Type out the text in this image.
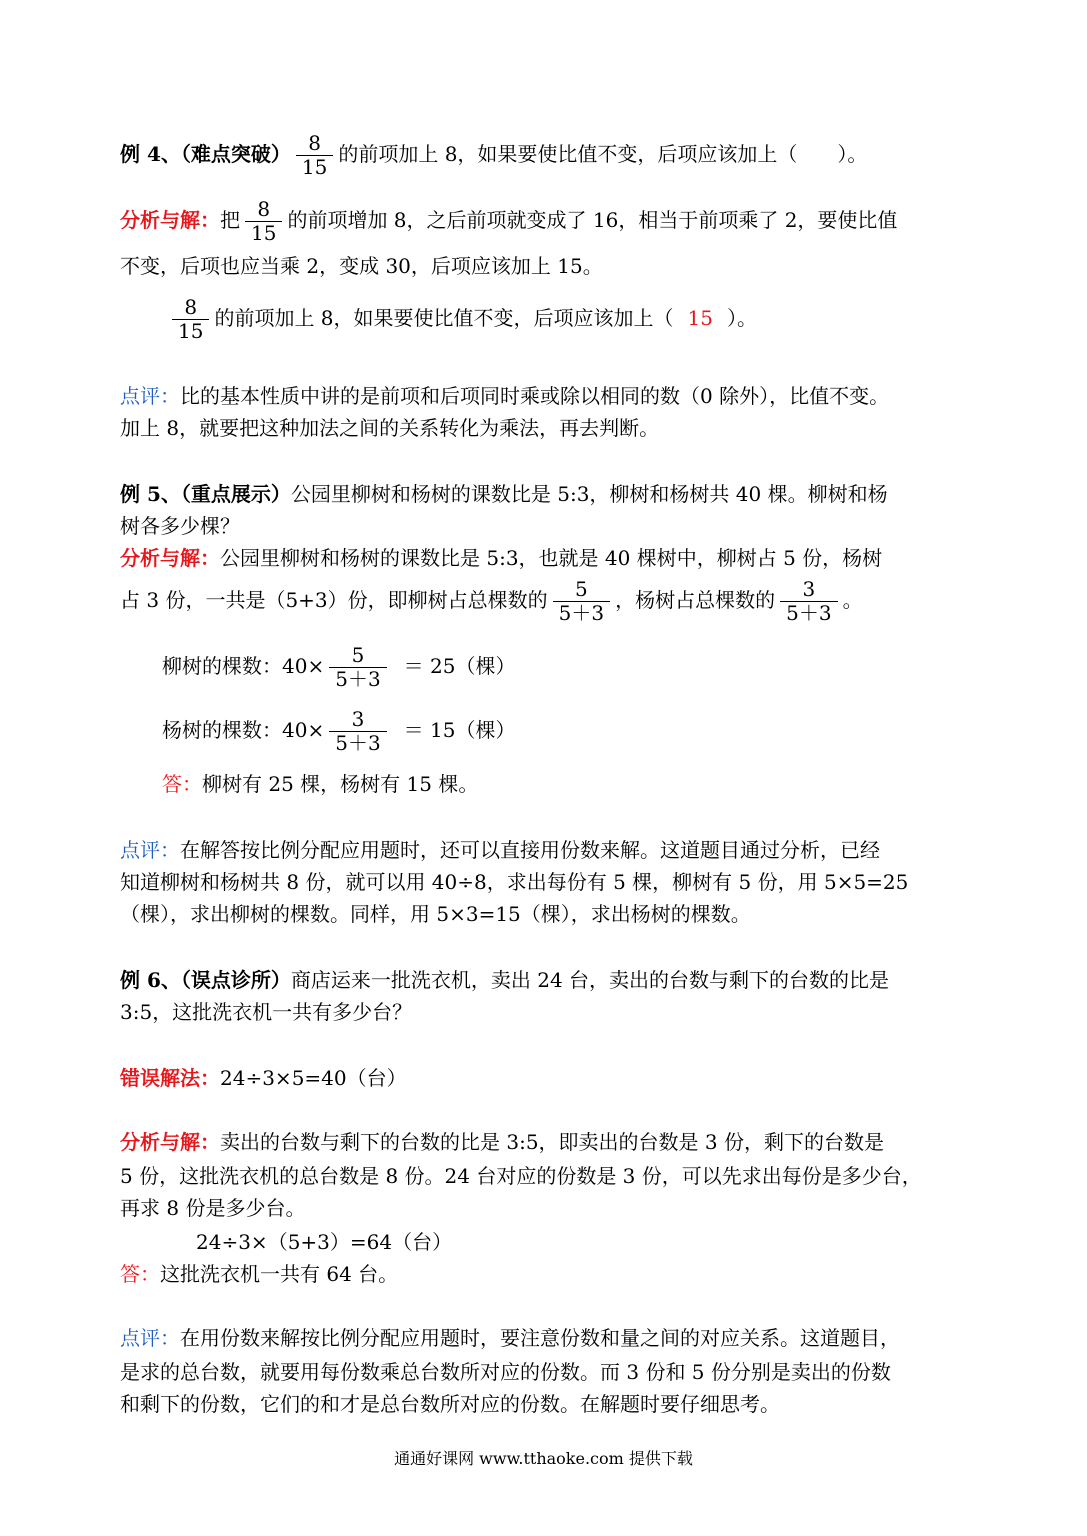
例 4、（难点突破） $\frac{8}{15}$ 的前项加上 8，如果要使比值不变，后项应该加上（　　）。
分析与解：把 $\frac{8}{15}$ 的前项增加 8，之后前项就变成了 16，相当于前项乘了 2，要使比值
不变，后项也应当乘 2，变成 30，后项应该加上 15。
$\frac{8}{15}$ 的前项加上 8，如果要使比值不变，后项应该加上（ 15 ）。
点评：比的基本性质中讲的是前项和后项同时乘或除以相同的数（0 除外），比值不变。
加上 8，就要把这种加法之间的关系转化为乘法，再去判断。
例 5、（重点展示）公园里柳树和杨树的课数比是 5:3，柳树和杨树共 40 棵。柳树和杨
树各多少棵？
分析与解：公园里柳树和杨树的课数比是 5:3，也就是 40 棵树中，柳树占 5 份，杨树
占 3 份，一共是（5+3）份，即柳树占总棵数的 $\frac{5}{5+3}$ ，杨树占总棵数的 $\frac{3}{5+3}$ 。
柳树的棵数：$40\times \frac{5}{5+3} = 25$（棵）
杨树的棵数：$40\times \frac{3}{5+3} = 15$（棵）
答：柳树有 25 棵，杨树有 15 棵。
点评：在解答按比例分配应用题时，还可以直接用份数来解。这道题目通过分析，已经
知道柳树和杨树共 8 份，就可以用 40÷8，求出每份有 5 棵，柳树有 5 份，用 5×5=25
（棵），求出柳树的棵数。同样，用 5×3=15（棵），求出杨树的棵数。
例 6、（误点诊所）商店运来一批洗衣机，卖出 24 台，卖出的台数与剩下的台数的比是
3:5，这批洗衣机一共有多少台？
错误解法：24÷3×5=40（台）
分析与解：卖出的台数与剩下的台数的比是 3:5，即卖出的台数是 3 份，剩下的台数是
5 份，这批洗衣机的总台数是 8 份。24 台对应的份数是 3 份，可以先求出每份是多少台，
再求 8 份是多少台。
24÷3×（5+3）=64（台）
答：这批洗衣机一共有 64 台。
点评：在用份数来解按比例分配应用题时，要注意份数和量之间的对应关系。这道题目，
是求的总台数，就要用每份数乘总台数所对应的份数。而 3 份和 5 份分别是卖出的份数
和剩下的份数，它们的和才是总台数所对应的份数。在解题时要仔细思考。
通通好课网 www.tthaoke.com 提供下载
